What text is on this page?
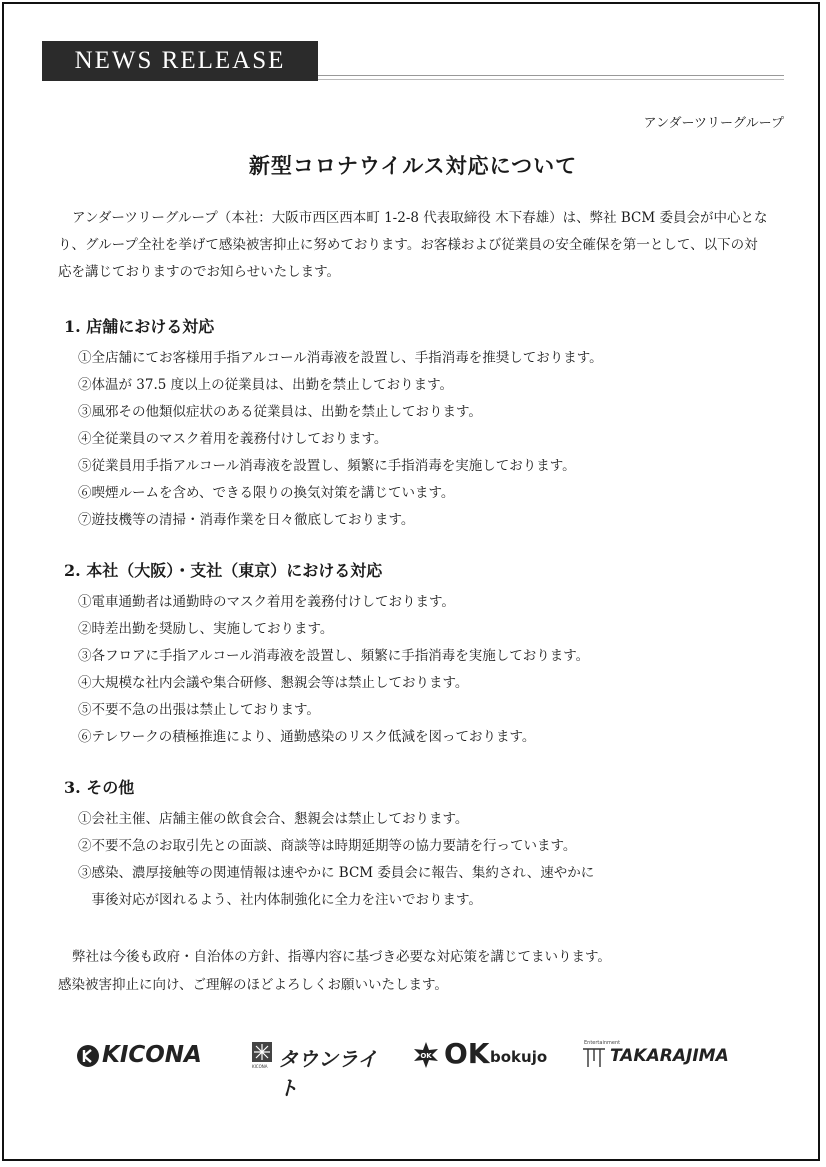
NEWS RELEASE
アンダーツリーグループ
新型コロナウイルス対応について

アンダーツリーグループ（本社：大阪市西区西本町 1-2-8 代表取締役 木下春雄）は、弊社 BCM 委員会が中心となり、グループ全社を挙げて感染被害抑止に努めております。お客様および従業員の安全確保を第一として、以下の対応を講じておりますのでお知らせいたします。

1. 店舗における対応
①全店舗にてお客様用手指アルコール消毒液を設置し、手指消毒を推奨しております。
②体温が 37.5 度以上の従業員は、出勤を禁止しております。
③風邪その他類似症状のある従業員は、出勤を禁止しております。
④全従業員のマスク着用を義務付けしております。
⑤従業員用手指アルコール消毒液を設置し、頻繁に手指消毒を実施しております。
⑥喫煙ルームを含め、できる限りの換気対策を講じています。
⑦遊技機等の清掃・消毒作業を日々徹底しております。
2. 本社（大阪）・支社（東京）における対応
①電車通勤者は通勤時のマスク着用を義務付けしております。
②時差出勤を奨励し、実施しております。
③各フロアに手指アルコール消毒液を設置し、頻繁に手指消毒を実施しております。
④大規模な社内会議や集合研修、懇親会等は禁止しております。
⑤不要不急の出張は禁止しております。
⑥テレワークの積極推進により、通勤感染のリスク低減を図っております。
3. その他
①会社主催、店舗主催の飲食会合、懇親会は禁止しております。
②不要不急のお取引先との面談、商談等は時期延期等の協力要請を行っています。
③感染、濃厚接触等の関連情報は速やかに BCM 委員会に報告、集約され、速やかに
　事後対応が図れるよう、社内体制強化に全力を注いでおります。

弊社は今後も政府・自治体の方針、指導内容に基づき必要な対応策を講じてまいります。

感染被害抑止に向け、ご理解のほどよろしくお願いいたします。

KICONA	KICONA タウンライト
OK OK bokujo
Entertainment
TAKARAJIMA
